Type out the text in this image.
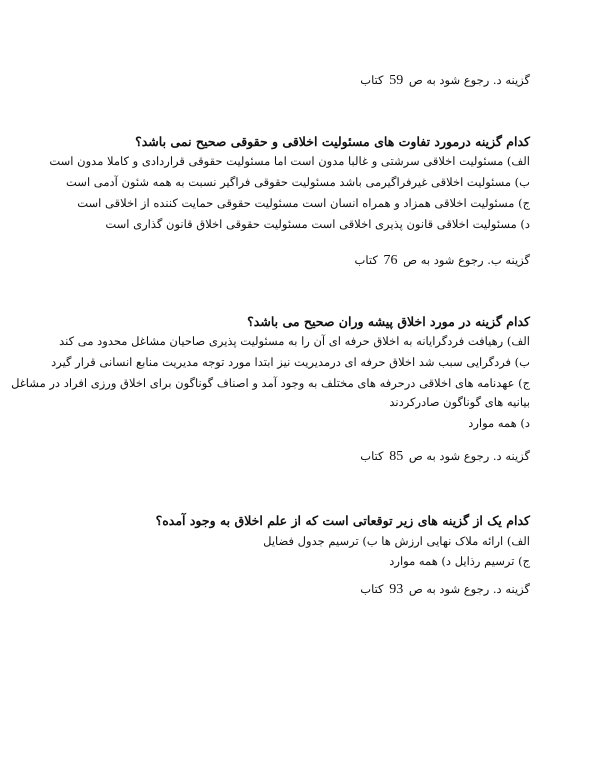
گزینه د. رجوع شود به ص 59 کتاب
کدام گزینه درمورد تفاوت های مسئولیت اخلاقی و حقوقی صحیح نمی باشد؟
الف) مسئولیت اخلاقی سرشتی و غالبا مدون است اما مسئولیت حقوقی قراردادی و کاملا مدون است
ب) مسئولیت اخلاقی غیرفراگیرمی باشد مسئولیت حقوقی فراگیر نسبت به همه شئون آدمی است
ج) مسئولیت اخلاقی همزاد و همراه انسان است مسئولیت حقوقی حمایت کننده از اخلاقی است
د) مسئولیت اخلاقی قانون پذیری اخلاقی است مسئولیت حقوقی اخلاق قانون گذاری است
گزینه ب. رجوع شود به ص 76 کتاب
کدام گزینه در مورد اخلاق پیشه وران صحیح می باشد؟
الف) رهیافت فردگرایانه به اخلاق حرفه ای آن را به مسئولیت پذیری صاحیان مشاغل محدود می کند
ب) فردگرایی سبب شد اخلاق حرفه ای درمدیریت نیز ابتدا مورد توجه مدیریت منابع انسانی قرار گیرد
ج) عهدنامه های اخلاقی درحرفه های مختلف به وجود آمد و اصناف گوناگون برای اخلاق ورزی افراد در مشاغل
بیانیه های گوناگون صادرکردند
د) همه موارد
گزینه د. رجوع شود به ص 85 کتاب
کدام یک از گزینه های زیر توقعاتی است که از علم اخلاق به وجود آمده؟
الف) ارائه ملاک نهایی ارزش ها ب) ترسیم جدول فضایل
ج) ترسیم رذایل د) همه موارد
گزینه د. رجوع شود به ص 93 کتاب
